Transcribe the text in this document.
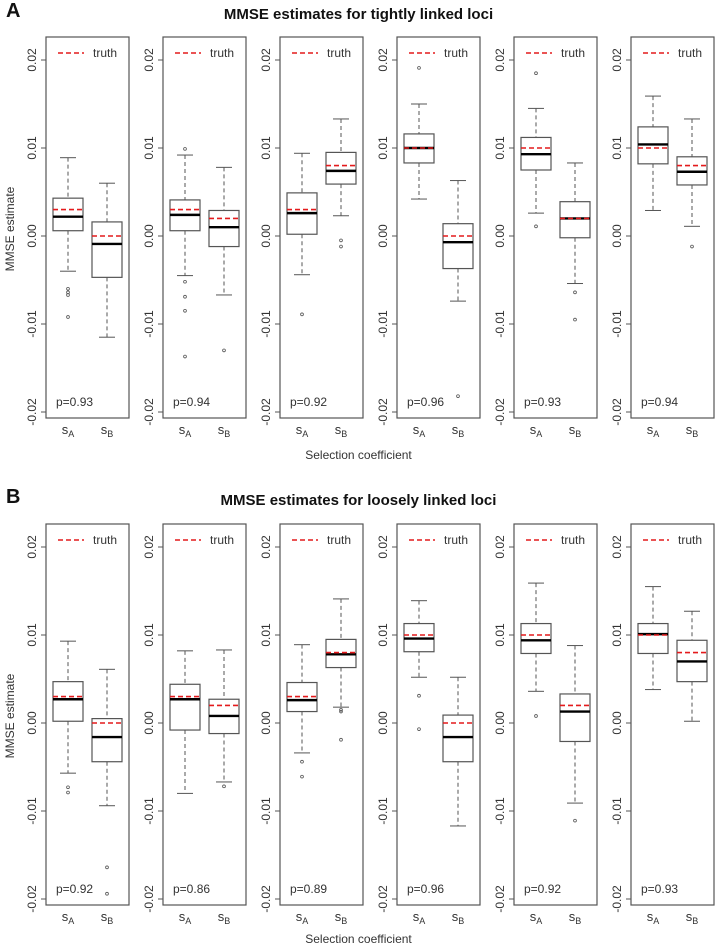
A	MMSE estimates for tightly linked loci
MMSE estimate
0.02
0.01
0.00
-0.01
-0.02
truth
$s_A$ $s_B$
p=0.93
0.02
0.01
0.00
-0.01
-0.02
truth
$s_A$ $s_B$
p=0.94
0.02
0.01
0.00
-0.01
-0.02
truth
$s_A$ $s_B$
p=0.92
0.02
0.01
0.00
-0.01
-0.02
truth
$s_A$ $s_B$
p=0.96
0.02
0.01
0.00
-0.01
-0.02
truth
$s_A$ $s_B$
p=0.93
0.02
0.01
0.00
-0.01
-0.02
truth
$s_A$ $s_B$
p=0.94
Selection coefficient
B	MMSE estimates for loosely linked loci
MMSE estimate
0.02
0.01
0.00
-0.01
-0.02
truth
$s_A$ $s_B$
p=0.92
0.02
0.01
0.00
-0.01
-0.02
truth
$s_A$ $s_B$
p=0.86
0.02
0.01
0.00
-0.01
-0.02
truth
$s_A$ $s_B$
p=0.89
0.02
0.01
0.00
-0.01
-0.02
truth
$s_A$ $s_B$
p=0.96
0.02
0.01
0.00
-0.01
-0.02
truth
$s_A$ $s_B$
p=0.92
0.02
0.01
0.00
-0.01
-0.02
truth
$s_A$ $s_B$
p=0.93
Selection coefficient
